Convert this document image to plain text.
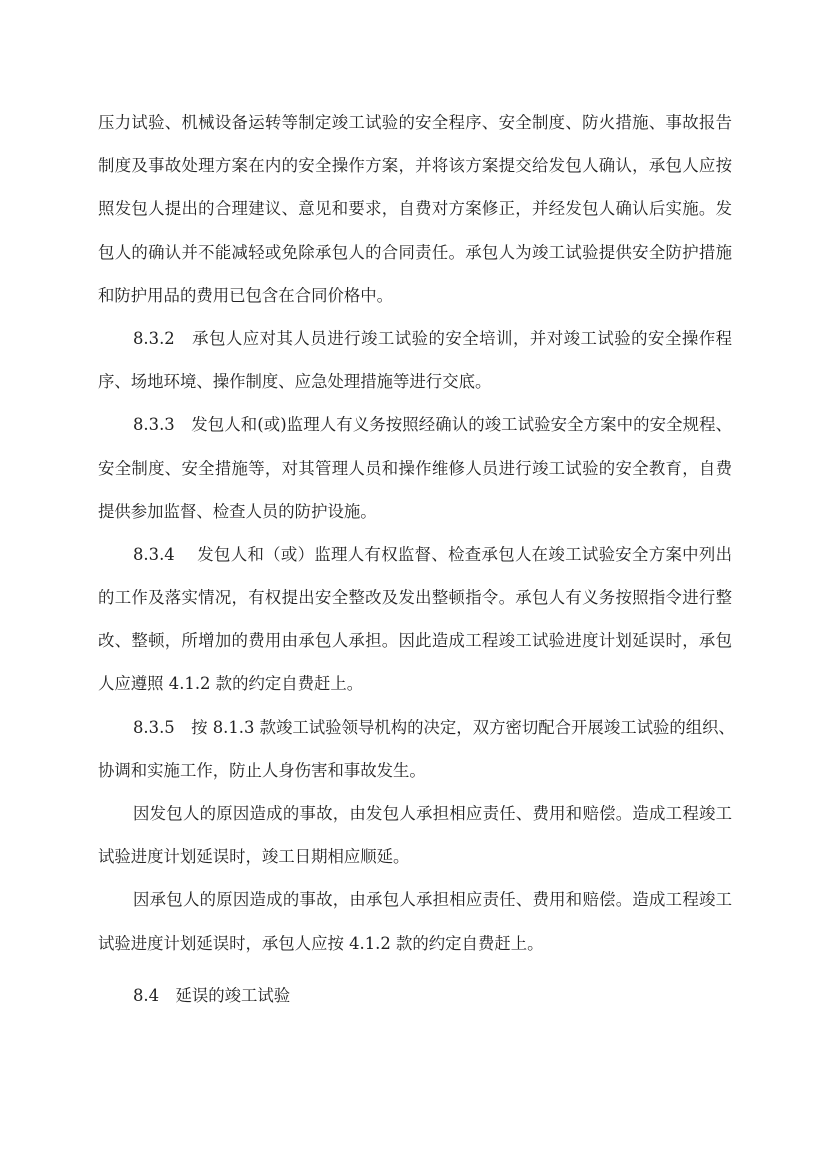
压力试验、机械设备运转等制定竣工试验的安全程序、安全制度、防火措施、事故报告
制度及事故处理方案在内的安全操作方案，并将该方案提交给发包人确认，承包人应按
照发包人提出的合理建议、意见和要求，自费对方案修正，并经发包人确认后实施。发
包人的确认并不能减轻或免除承包人的合同责任。承包人为竣工试验提供安全防护措施
和防护用品的费用已包含在合同价格中。
8.3.2　承包人应对其人员进行竣工试验的安全培训，并对竣工试验的安全操作程
序、场地环境、操作制度、应急处理措施等进行交底。
8.3.3　发包人和(或)监理人有义务按照经确认的竣工试验安全方案中的安全规程、
安全制度、安全措施等，对其管理人员和操作维修人员进行竣工试验的安全教育，自费
提供参加监督、检查人员的防护设施。
8.3.4　 发包人和（或）监理人有权监督、检查承包人在竣工试验安全方案中列出
的工作及落实情况，有权提出安全整改及发出整顿指令。承包人有义务按照指令进行整
改、整顿，所增加的费用由承包人承担。因此造成工程竣工试验进度计划延误时，承包
人应遵照 4.1.2 款的约定自费赶上。
8.3.5　按 8.1.3 款竣工试验领导机构的决定，双方密切配合开展竣工试验的组织、
协调和实施工作，防止人身伤害和事故发生。
因发包人的原因造成的事故，由发包人承担相应责任、费用和赔偿。造成工程竣工
试验进度计划延误时，竣工日期相应顺延。
因承包人的原因造成的事故，由承包人承担相应责任、费用和赔偿。造成工程竣工
试验进度计划延误时，承包人应按 4.1.2 款的约定自费赶上。
8.4　延误的竣工试验
